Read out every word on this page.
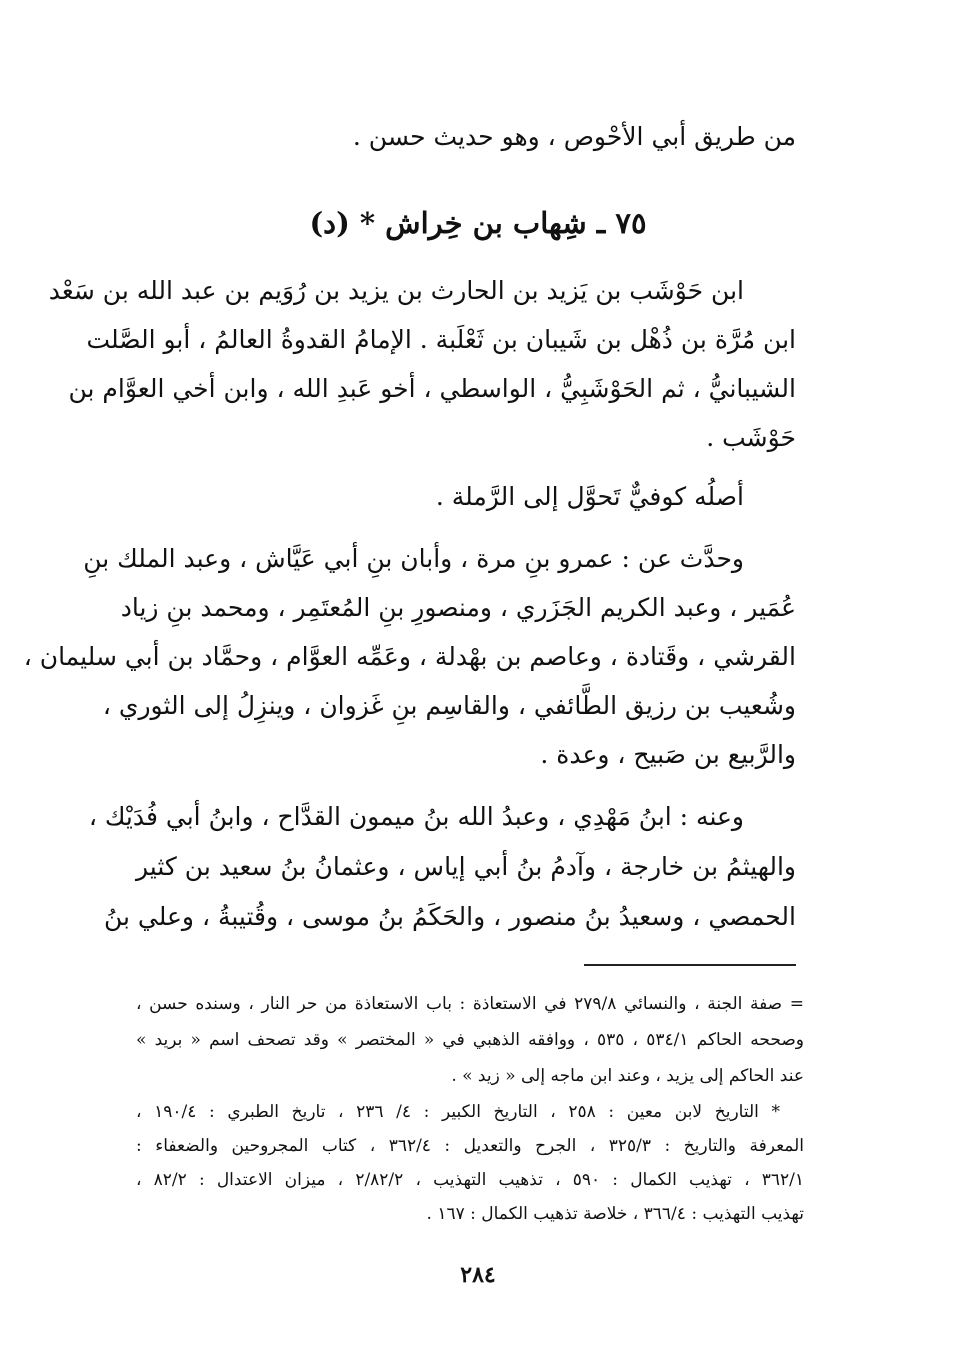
من طريق أبي الأحْوص ، وهو حديث حسن .
٧٥ ـ شِهاب بن خِراش * (د)
ابن حَوْشَب بن يَزيد بن الحارث بن يزيد بن رُوَيم بن عبد الله بن سَعْد
ابن مُرَّة بن ذُهْل بن شَيبان بن ثَعْلَبة . الإمامُ القدوةُ العالمُ ، أبو الصَّلت
الشيبانيُّ ، ثم الحَوْشَبِيُّ ، الواسطي ، أخو عَبدِ الله ، وابن أخي العوَّام بن
حَوْشَب .
أصلُه كوفيٌّ تَحوَّل إلى الرَّملة .
وحدَّث عن : عمرو بنِ مرة ، وأبان بنِ أبي عَيَّاش ، وعبد الملك بنِ
عُمَير ، وعبد الكريم الجَزَري ، ومنصورِ بنِ المُعتَمِر ، ومحمد بنِ زياد
القرشي ، وقَتادة ، وعاصم بن بهْدلة ، وعَمِّه العوَّام ، وحمَّاد بن أبي سليمان ،
وشُعيب بن رزيق الطَّائفي ، والقاسِم بنِ غَزوان ، وينزِلُ إلى الثوري ،
والرَّبيع بن صَبيح ، وعدة .
وعنه : ابنُ مَهْدِي ، وعبدُ الله بنُ ميمون القدَّاح ، وابنُ أبي فُدَيْك ،
والهيثمُ بن خارجة ، وآدمُ بنُ أبي إياس ، وعثمانُ بنُ سعيد بن كثير
الحمصي ، وسعيدُ بنُ منصور ، والحَكَمُ بنُ موسى ، وقُتيبةُ ، وعلي بنُ
= صفة الجنة ، والنسائي ٢٧٩/٨ في الاستعاذة : باب الاستعاذة من حر النار ، وسنده حسن ،
وصححه الحاكم ٥٣٤/١ ، ٥٣٥ ، ووافقه الذهبي في « المختصر » وقد تصحف اسم « بريد »
عند الحاكم إلى يزيد ، وعند ابن ماجه إلى « زيد » .
* التاريخ لابن معين : ٢٥٨ ، التاريخ الكبير : ٤/ ٢٣٦ ، تاريخ الطبري : ١٩٠/٤ ،
المعرفة والتاريخ : ٣٢٥/٣ ، الجرح والتعديل : ٣٦٢/٤ ، كتاب المجروحين والضعفاء :
٣٦٢/١ ، تهذيب الكمال : ٥٩٠ ، تذهيب التهذيب ، ٢/٨٢/٢ ، ميزان الاعتدال : ٨٢/٢ ،
تهذيب التهذيب : ٣٦٦/٤ ، خلاصة تذهيب الكمال : ١٦٧ .
٢٨٤
